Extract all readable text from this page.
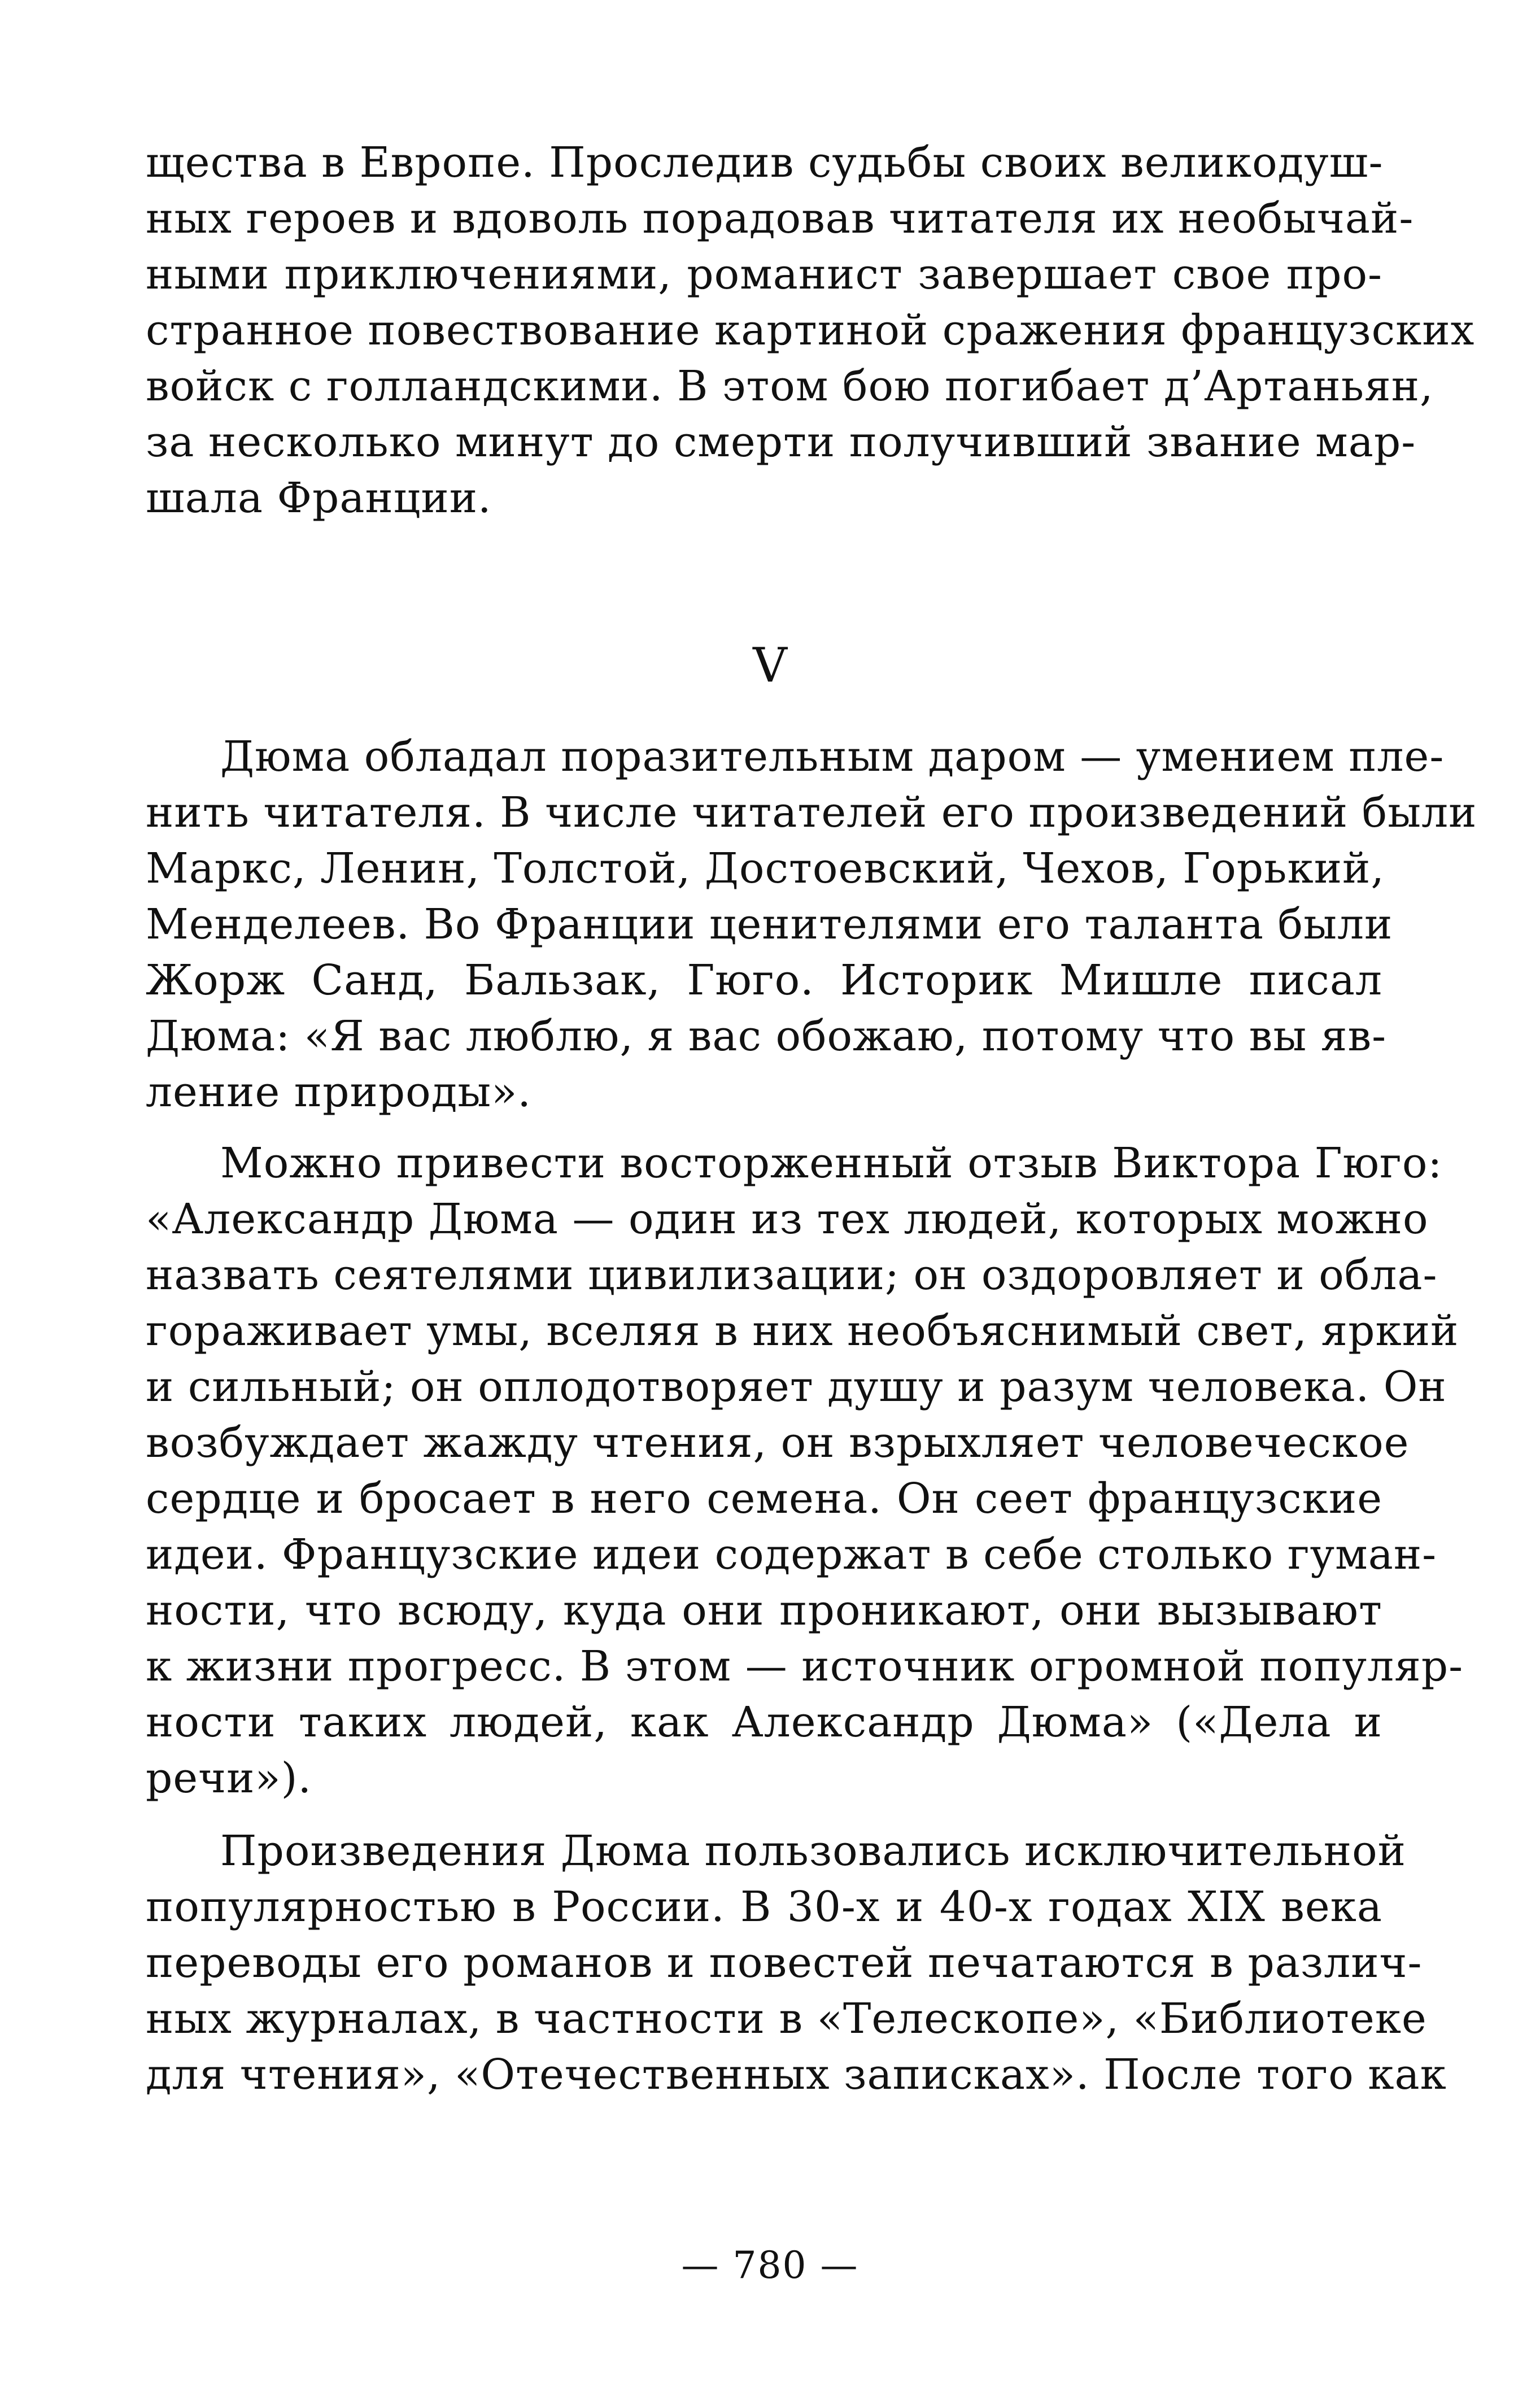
щества в Европе. Проследив судьбы своих великодуш-
ных героев и вдоволь порадовав читателя их необычай-
ными приключениями, романист завершает свое про-
странное повествование картиной сражения французских
войск с голландскими. В этом бою погибает д’Артаньян,
за несколько минут до смерти получивший звание мар-
шала Франции.
V
Дюма обладал поразительным даром — умением пле-
нить читателя. В числе читателей его произведений были
Маркс, Ленин, Толстой, Достоевский, Чехов, Горький,
Менделеев. Во Франции ценителями его таланта были
Жорж Санд, Бальзак, Гюго. Историк Мишле писал
Дюма: «Я вас люблю, я вас обожаю, потому что вы яв-
ление природы».
Можно привести восторженный отзыв Виктора Гюго:
«Александр Дюма — один из тех людей, которых можно
назвать сеятелями цивилизации; он оздоровляет и обла-
гораживает умы, вселяя в них необъяснимый свет, яркий
и сильный; он оплодотворяет душу и разум человека. Он
возбуждает жажду чтения, он взрыхляет человеческое
сердце и бросает в него семена. Он сеет французские
идеи. Французские идеи содержат в себе столько гуман-
ности, что всюду, куда они проникают, они вызывают
к жизни прогресс. В этом — источник огромной популяр-
ности таких людей, как Александр Дюма» («Дела и
речи»).
Произведения Дюма пользовались исключительной
популярностью в России. В 30-х и 40-х годах XIX века
переводы его романов и повестей печатаются в различ-
ных журналах, в частности в «Телескопе», «Библиотеке
для чтения», «Отечественных записках». После того как
— 780 —
